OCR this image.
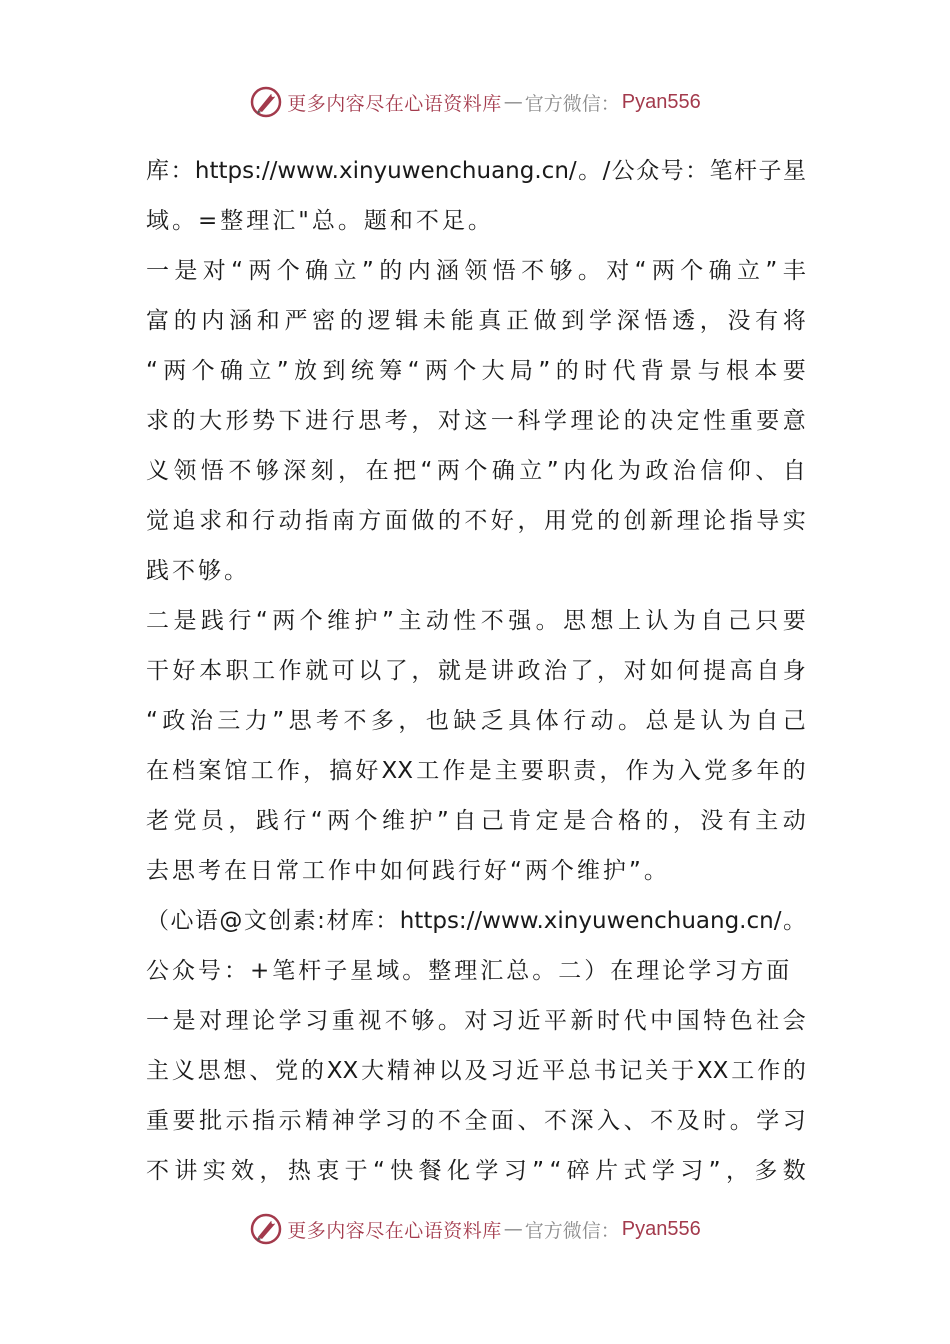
更多内容尽在心语资料库 — 官方微信： Pyan556
库 ： https://www.xinyuwenchuang.cn/ 。 / 公 众 号 ： 笔 杆 子 星
域。=整理汇"总。题和不足。
一 是 对 “ 两 个 确 立 ” 的 内 涵 领 悟 不 够 。 对 “ 两 个 确 立 ” 丰
富 的 内 涵 和 严 密 的 逻 辑 未 能 真 正 做 到 学 深 悟 透 ， 没 有 将
“ 两 个 确 立 ” 放 到 统 筹 “ 两 个 大 局 ” 的 时 代 背 景 与 根 本 要
求 的 大 形 势 下 进 行 思 考 ， 对 这 一 科 学 理 论 的 决 定 性 重 要 意
义 领 悟 不 够 深 刻 ， 在 把 “ 两 个 确 立 ” 内 化 为 政 治 信 仰 、 自
觉 追 求 和 行 动 指 南 方 面 做 的 不 好 ， 用 党 的 创 新 理 论 指 导 实
践不够。
二 是 践 行 “ 两 个 维 护 ” 主 动 性 不 强 。 思 想 上 认 为 自 己 只 要
干 好 本 职 工 作 就 可 以 了 ， 就 是 讲 政 治 了 ， 对 如 何 提 高 自 身
“ 政 治 三 力 ” 思 考 不 多 ， 也 缺 乏 具 体 行 动 。 总 是 认 为 自 己
在 档 案 馆 工 作 ， 搞 好 XX 工 作 是 主 要 职 责 ， 作 为 入 党 多 年 的
老 党 员 ， 践 行 “ 两 个 维 护 ” 自 己 肯 定 是 合 格 的 ， 没 有 主 动
去思考在日常工作中如何践行好“两个维护”。
（ 心 语 @ 文 创 素 : 材 库 ： https://www.xinyuwenchuang.cn/ 。
公众号：+笔杆子星域。整理汇总。二）在理论学习方面
一 是 对 理 论 学 习 重 视 不 够 。 对 习 近 平 新 时 代 中 国 特 色 社 会
主 义 思 想 、 党 的 XX 大 精 神 以 及 习 近 平 总 书 记 关 于 XX 工 作 的
重 要 批 示 指 示 精 神 学 习 的 不 全 面 、 不 深 入 、 不 及 时 。 学 习
不 讲 实 效 ， 热 衷 于 “ 快 餐 化 学 习 ” “ 碎 片 式 学 习 ” ， 多 数
更多内容尽在心语资料库 — 官方微信： Pyan556
